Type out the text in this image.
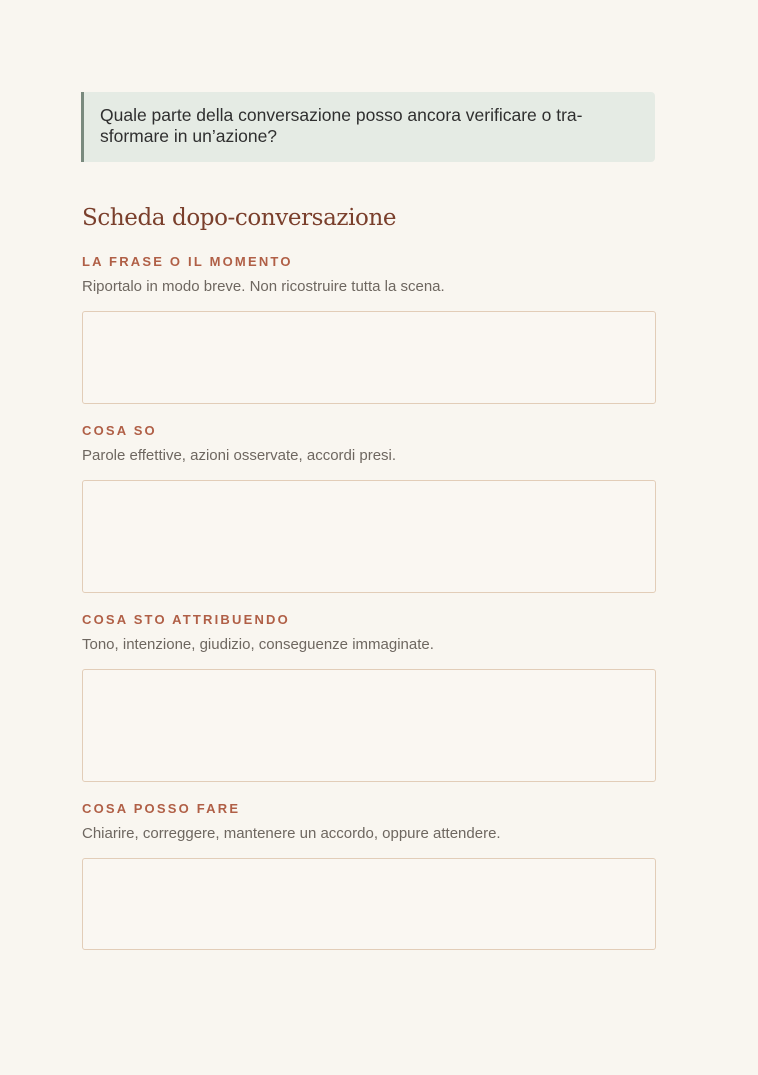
Quale parte della conversazione posso ancora verificare o tra-sformare in un’azione?
Scheda dopo-conversazione
LA FRASE O IL MOMENTO
Riportalo in modo breve. Non ricostruire tutta la scena.
COSA SO
Parole effettive, azioni osservate, accordi presi.
COSA STO ATTRIBUENDO
Tono, intenzione, giudizio, conseguenze immaginate.
COSA POSSO FARE
Chiarire, correggere, mantenere un accordo, oppure attendere.
